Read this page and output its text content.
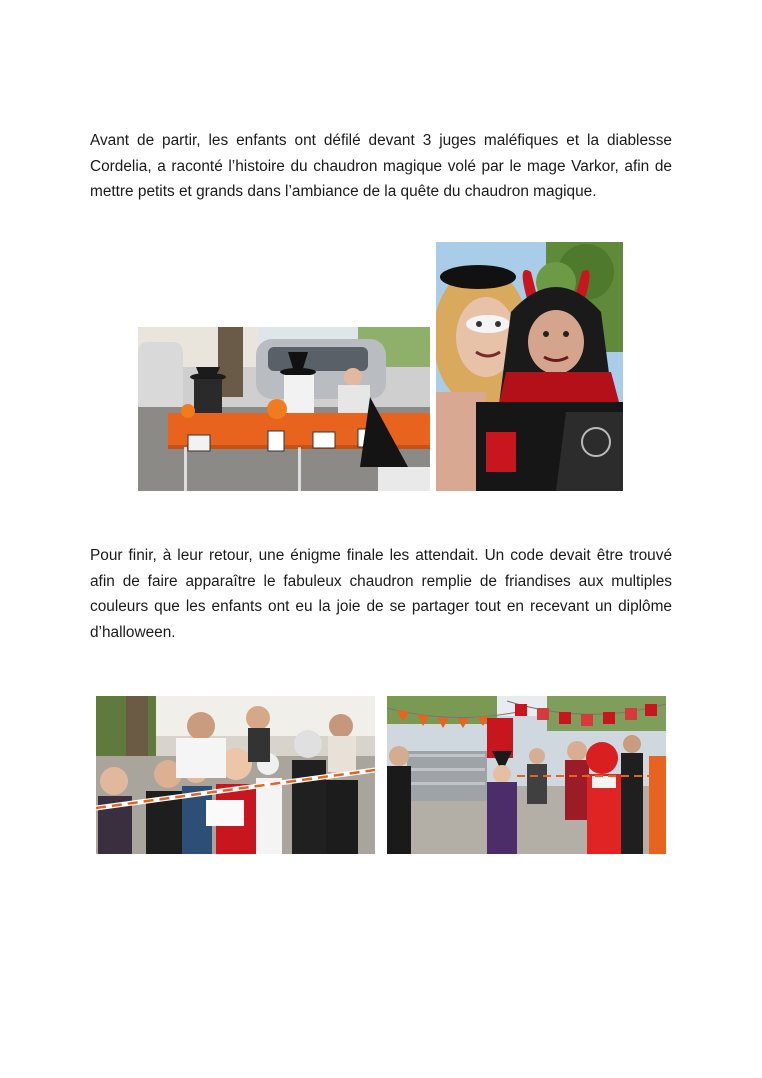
Avant de partir, les enfants ont défilé devant 3 juges maléfiques et la diablesse Cordelia, a raconté l’histoire du chaudron magique volé par le mage Varkor, afin de mettre petits et grands dans l’ambiance de la quête du chaudron magique.

Pour finir, à leur retour, une énigme finale les attendait. Un code devait être trouvé afin de faire apparaître le fabuleux chaudron remplie de friandises aux multiples couleurs que les enfants ont eu la joie de se partager tout en recevant un diplôme d’halloween.
